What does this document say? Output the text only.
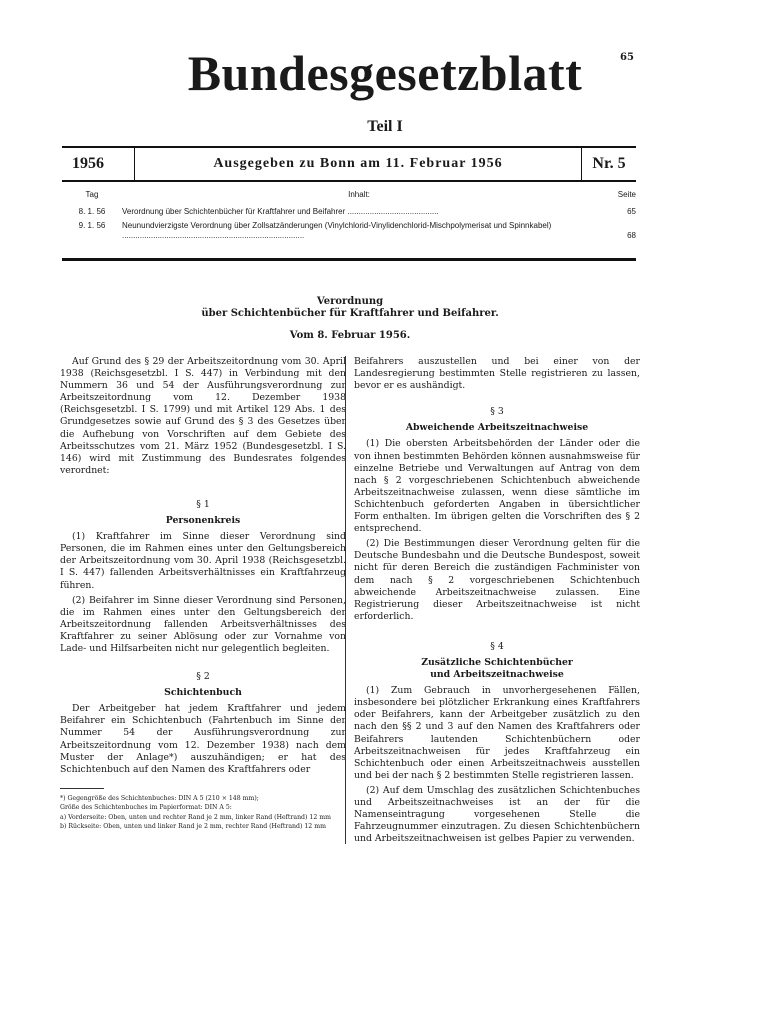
65
Bundesgesetzblatt
Teil I
1956	Ausgegeben zu Bonn am 11. Februar 1956	Nr. 5
Tag	Inhalt:	Seite
8. 1. 56	Verordnung über Schichtenbücher für Kraftfahrer und Beifahrer .........................................	65
9. 1. 56	Neunundvierzigste Verordnung über Zollsatzänderungen (Vinylchlorid-Vinylidenchlorid-Mischpolymerisat und Spinnkabel) ..................................................................................	68
Verordnung
über Schichtenbücher für Kraftfahrer und Beifahrer.
Vom 8. Februar 1956.

Auf Grund des § 29 der Arbeitszeitordnung vom 30. April 1938 (Reichsgesetzbl. I S. 447) in Verbindung mit den Nummern 36 und 54 der Ausführungsverordnung zur Arbeitszeitordnung vom 12. Dezember 1938 (Reichsgesetzbl. I S. 1799) und mit Artikel 129 Abs. 1 des Grundgesetzes sowie auf Grund des § 3 des Gesetzes über die Aufhebung von Vorschriften auf dem Gebiete des Arbeitsschutzes vom 21. März 1952 (Bundesgesetzbl. I S. 146) wird mit Zustimmung des Bundesrates folgendes verordnet:

§ 1

Personenkreis

(1) Kraftfahrer im Sinne dieser Verordnung sind Personen, die im Rahmen eines unter den Geltungsbereich der Arbeitszeitordnung vom 30. April 1938 (Reichsgesetzbl. I S. 447) fallenden Arbeitsverhältnisses ein Kraftfahrzeug führen.

(2) Beifahrer im Sinne dieser Verordnung sind Personen, die im Rahmen eines unter den Geltungsbereich der Arbeitszeitordnung fallenden Arbeitsverhältnisses des Kraftfahrer zu seiner Ablösung oder zur Vornahme von Lade- und Hilfsarbeiten nicht nur gelegentlich begleiten.

§ 2

Schichtenbuch

Der Arbeitgeber hat jedem Kraftfahrer und jedem Beifahrer ein Schichtenbuch (Fahrtenbuch im Sinne der Nummer 54 der Ausführungsverordnung zur Arbeitszeitordnung vom 12. Dezember 1938) nach dem Muster der Anlage*) auszuhändigen; er hat des Schichtenbuch auf den Namen des Kraftfahrers oder

*) Gegengröße des Schichtenbuches: DIN A 5 (210 × 148 mm);
Größe des Schichtenbuches im Papierformat: DIN A 5:
a) Vorderseite: Oben, unten und rechter Rand je 2 mm, linker Rand (Heftrand) 12 mm
b) Rückseite: Oben, unten und linker Rand je 2 mm, rechter Rand (Heftrand) 12 mm

Beifahrers auszustellen und bei einer von der Landesregierung bestimmten Stelle registrieren zu lassen, bevor er es aushändigt.

§ 3

Abweichende Arbeitszeitnachweise

(1) Die obersten Arbeitsbehörden der Länder oder die von ihnen bestimmten Behörden können ausnahmsweise für einzelne Betriebe und Verwaltungen auf Antrag von dem nach § 2 vorgeschriebenen Schichtenbuch abweichende Arbeitszeitnachweise zulassen, wenn diese sämtliche im Schichtenbuch geforderten Angaben in übersichtlicher Form enthalten. Im übrigen gelten die Vorschriften des § 2 entsprechend.

(2) Die Bestimmungen dieser Verordnung gelten für die Deutsche Bundesbahn und die Deutsche Bundespost, soweit nicht für deren Bereich die zuständigen Fachminister von dem nach § 2 vorgeschriebenen Schichtenbuch abweichende Arbeitszeitnachweise zulassen. Eine Registrierung dieser Arbeitszeitnachweise ist nicht erforderlich.

§ 4

Zusätzliche Schichtenbücher

und Arbeitszeitnachweise

(1) Zum Gebrauch in unvorhergesehenen Fällen, insbesondere bei plötzlicher Erkrankung eines Kraftfahrers oder Beifahrers, kann der Arbeitgeber zusätzlich zu den nach den §§ 2 und 3 auf den Namen des Kraftfahrers oder Beifahrers lautenden Schichtenbüchern oder Arbeitszeitnachweisen für jedes Kraftfahrzeug ein Schichtenbuch oder einen Arbeitszeitnachweis ausstellen und bei der nach § 2 bestimmten Stelle registrieren lassen.

(2) Auf dem Umschlag des zusätzlichen Schichtenbuches und Arbeitszeitnachweises ist an der für die Namenseintragung vorgesehenen Stelle die Fahrzeugnummer einzutragen. Zu diesen Schichtenbüchern und Arbeitszeitnachweisen ist gelbes Papier zu verwenden.
